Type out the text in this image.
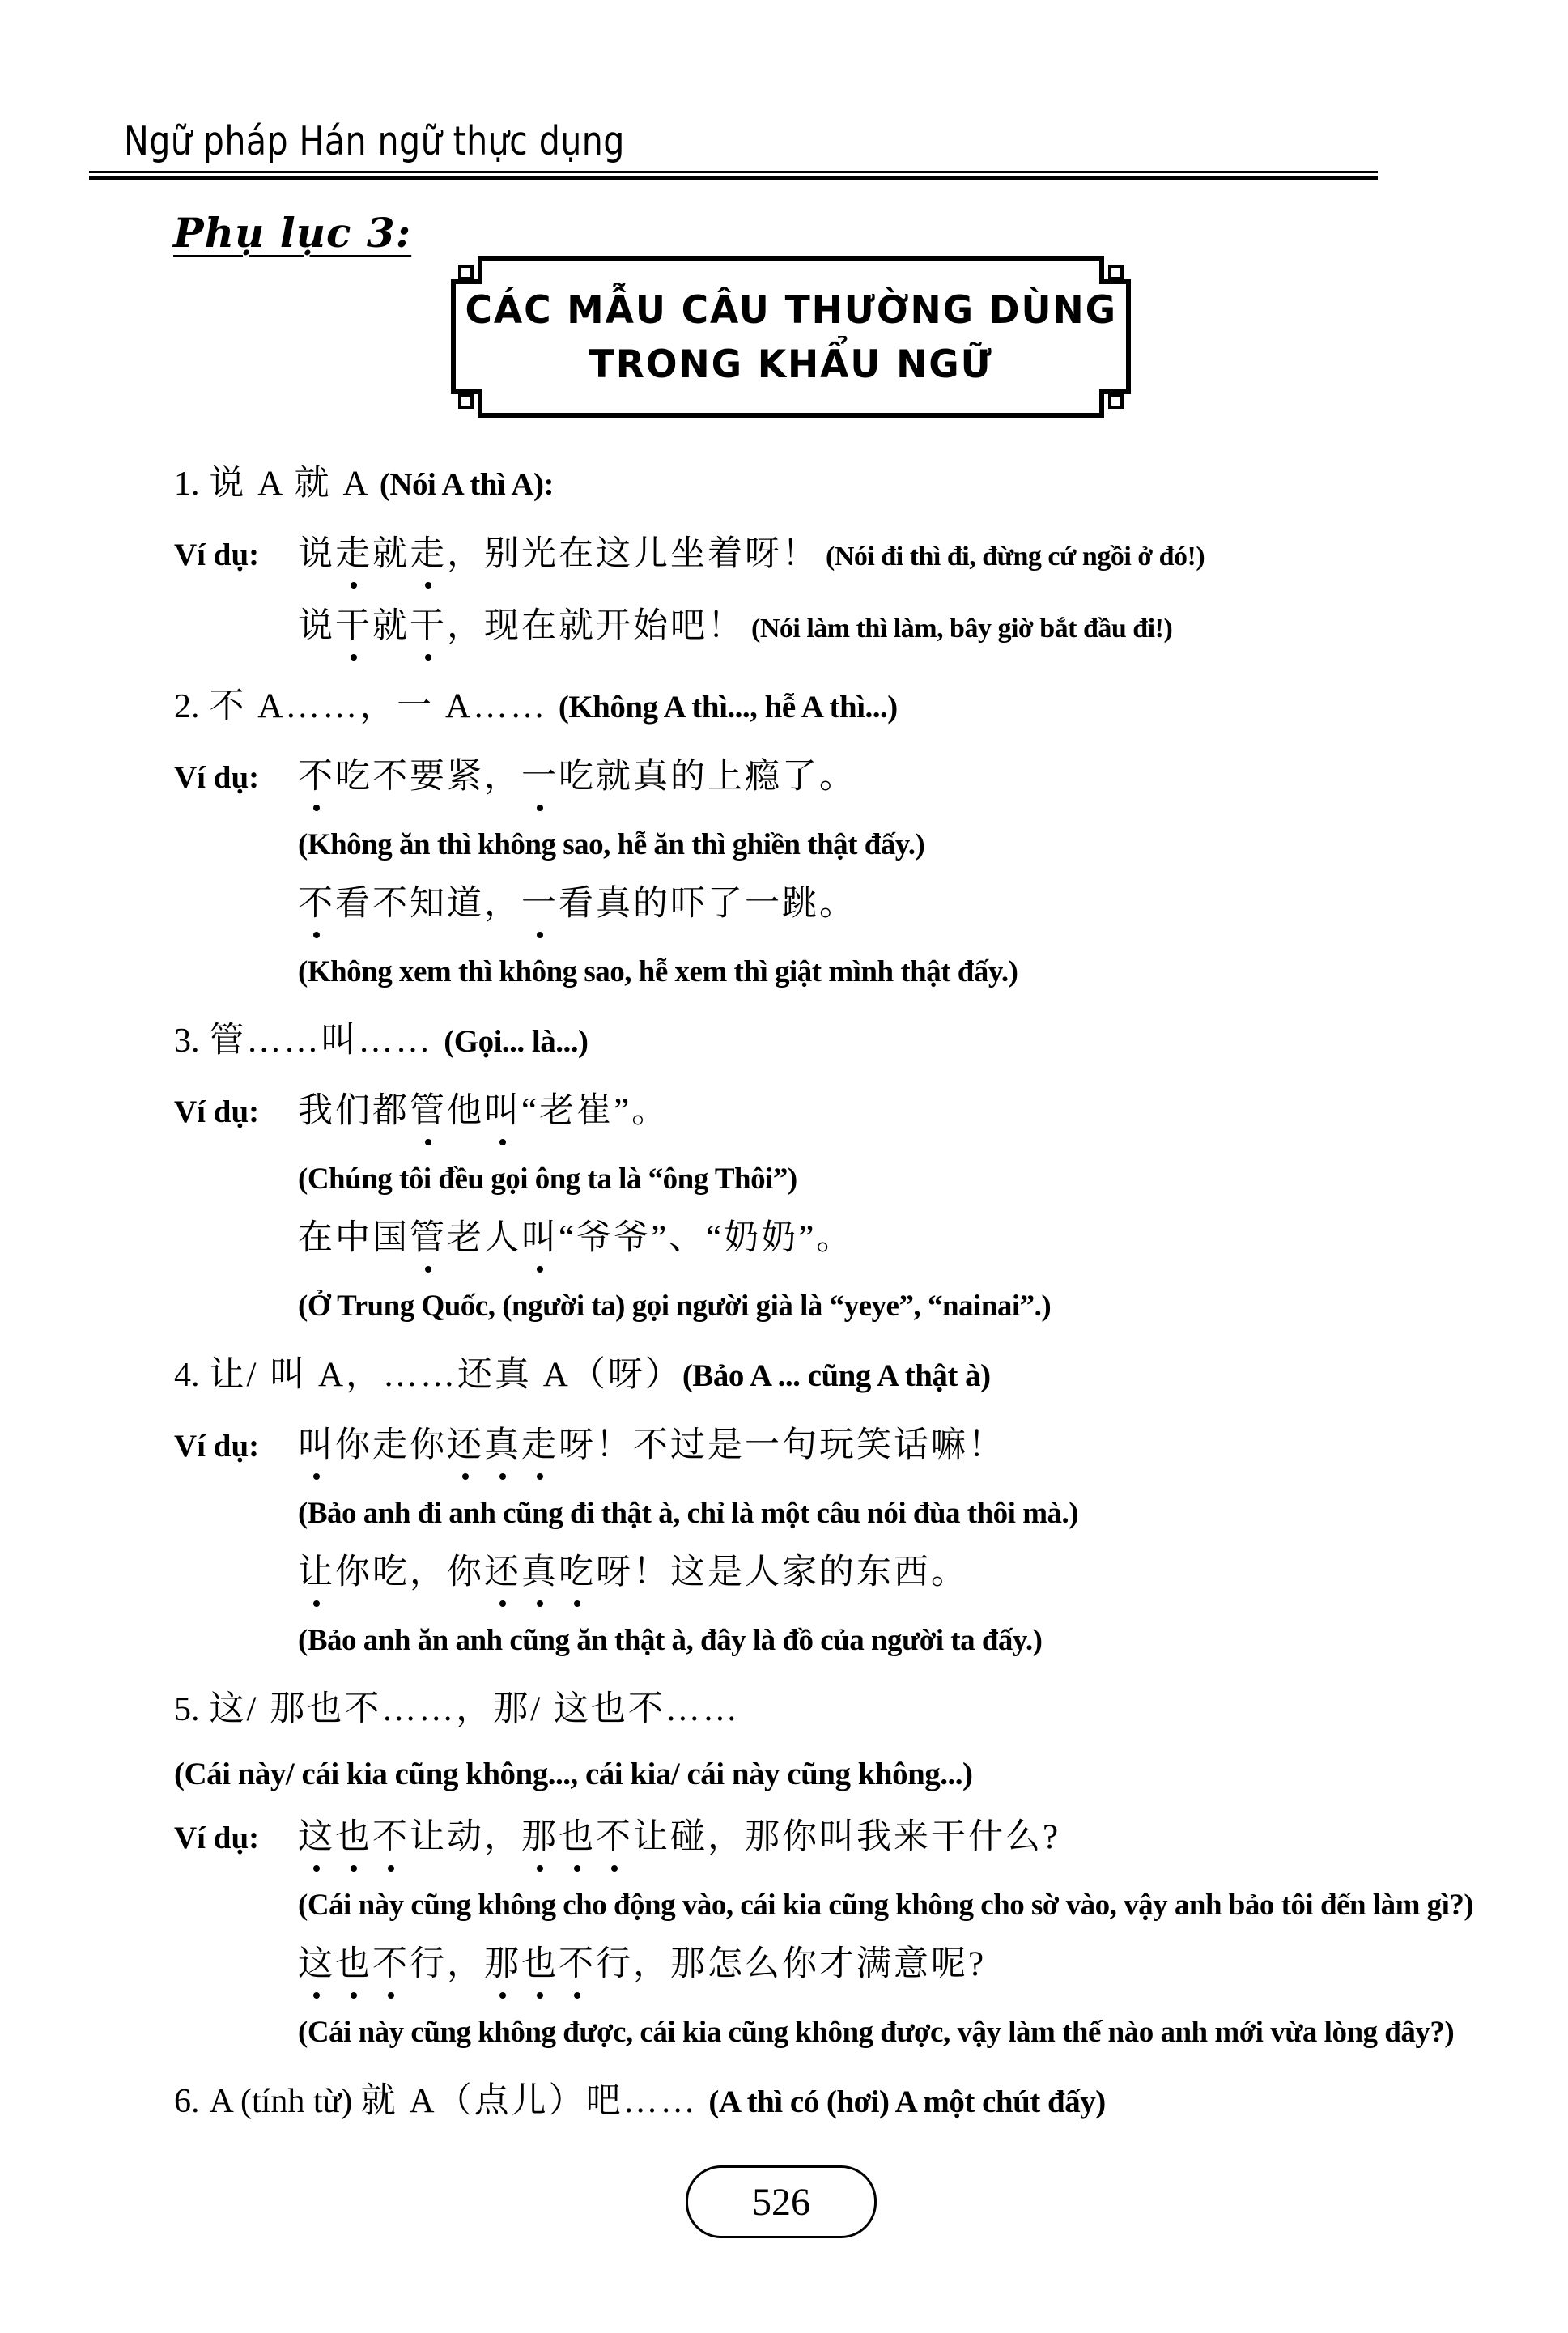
Ngữ pháp Hán ngữ thực dụng
Phụ lục 3:
CÁC MẪU CÂU THƯỜNG DÙNG
TRONG KHẨU NGỮ
1. 说 A 就 A (Nói A thì A):
Ví dụ:	说走就走，别光在这儿坐着呀！ (Nói đi thì đi, đừng cứ ngồi ở đó!)
说干就干，现在就开始吧！ (Nói làm thì làm, bây giờ bắt đầu đi!)
2. 不 A……，一 A…… (Không A thì..., hễ A thì...)
Ví dụ:	不吃不要紧，一吃就真的上瘾了。
(Không ăn thì không sao, hễ ăn thì ghiền thật đấy.)
不看不知道，一看真的吓了一跳。
(Không xem thì không sao, hễ xem thì giật mình thật đấy.)
3. 管……叫…… (Gọi... là...)
Ví dụ:	我们都管他叫“老崔”。
(Chúng tôi đều gọi ông ta là “ông Thôi”)
在中国管老人叫“爷爷”、“奶奶”。
(Ở Trung Quốc, (người ta) gọi người già là “yeye”, “nainai”.)
4. 让/ 叫 A，……还真 A（呀）(Bảo A ... cũng A thật à)
Ví dụ:	叫你走你还真走呀！不过是一句玩笑话嘛！
(Bảo anh đi anh cũng đi thật à, chỉ là một câu nói đùa thôi mà.)
让你吃，你还真吃呀！这是人家的东西。
(Bảo anh ăn anh cũng ăn thật à, đây là đồ của người ta đấy.)
5. 这/ 那也不……，那/ 这也不……
(Cái này/ cái kia cũng không..., cái kia/ cái này cũng không...)
Ví dụ:	这也不让动，那也不让碰，那你叫我来干什么?
(Cái này cũng không cho động vào, cái kia cũng không cho sờ vào, vậy anh bảo tôi đến làm gì?)
这也不行，那也不行，那怎么你才满意呢?
(Cái này cũng không được, cái kia cũng không được, vậy làm thế nào anh mới vừa lòng đây?)
6. A (tính từ) 就 A（点儿）吧…… (A thì có (hơi) A một chút đấy)
526
